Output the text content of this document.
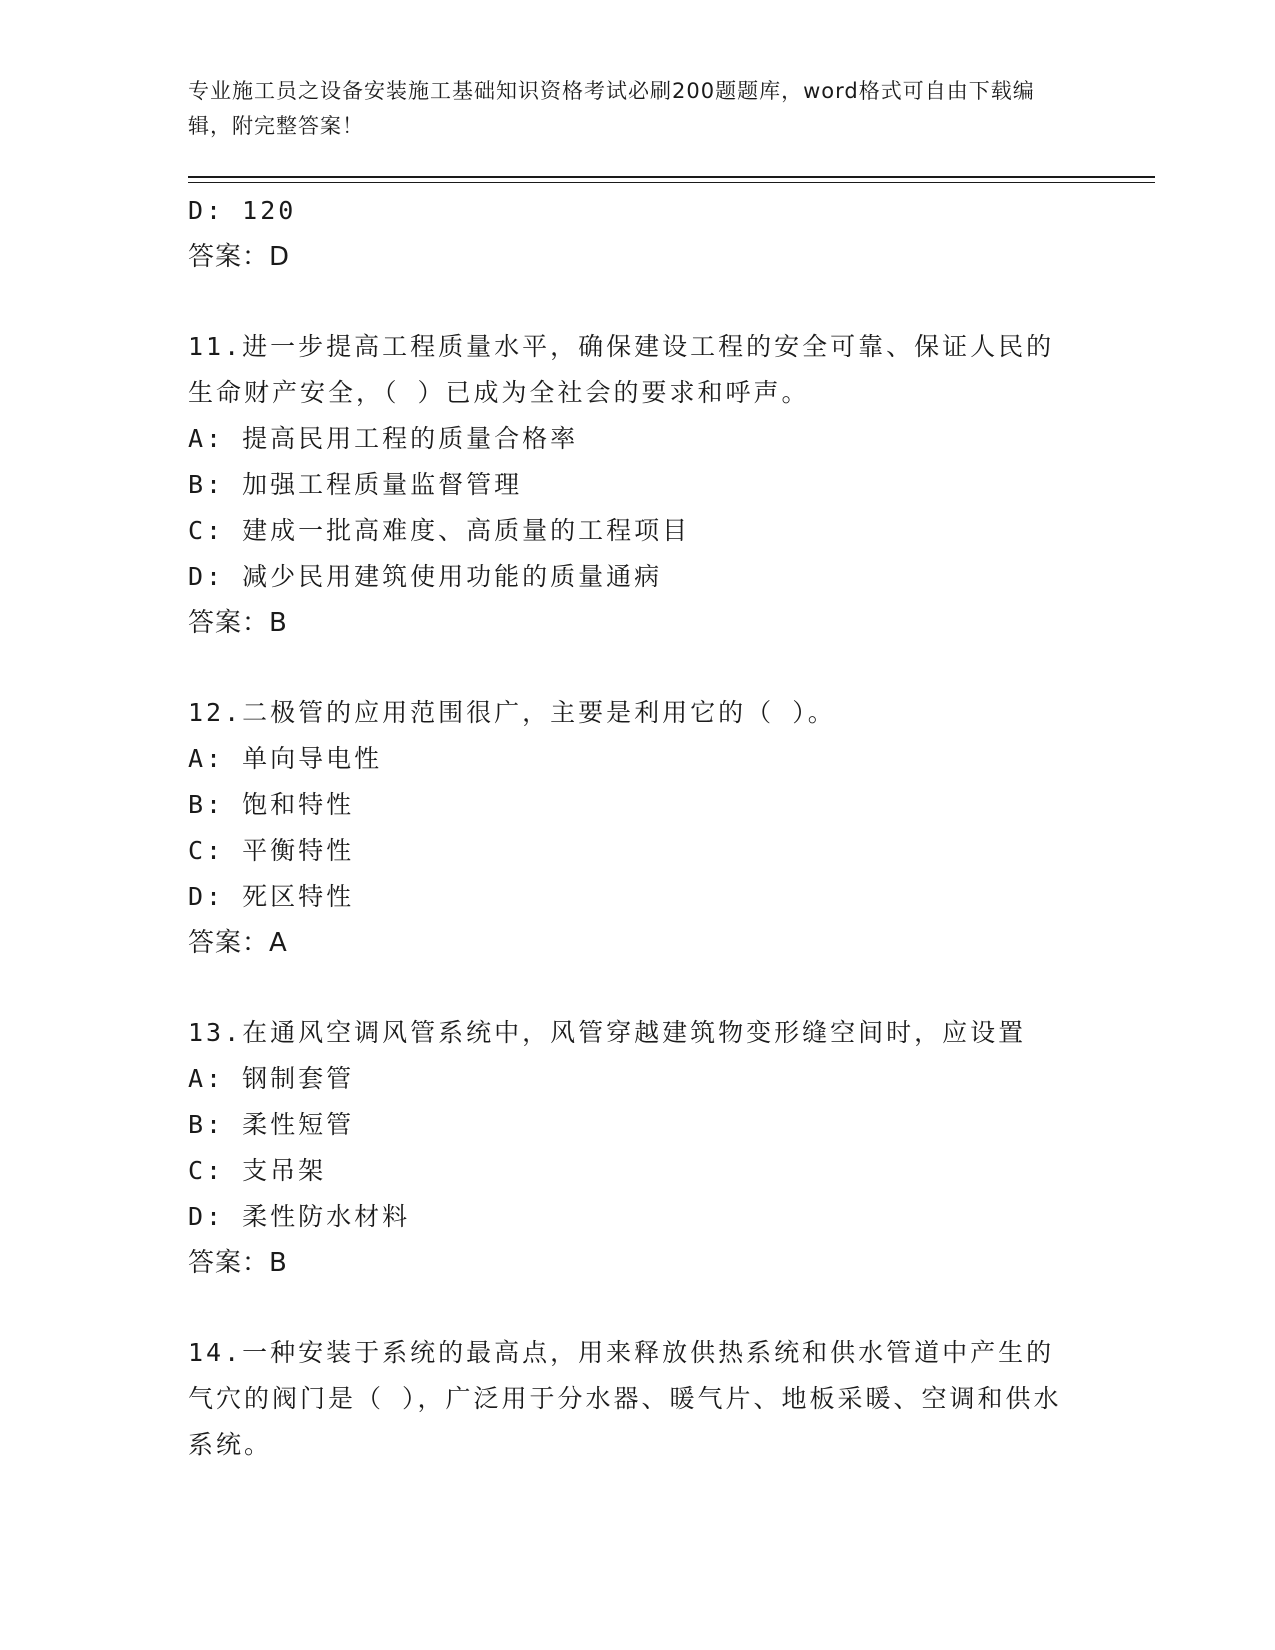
专业施工员之设备安装施工基础知识资格考试必刷200题题库，word格式可自由下载编辑，附完整答案！
D: 120
答案：D
11.进一步提高工程质量水平，确保建设工程的安全可靠、保证人民的生命财产安全，（ ）已成为全社会的要求和呼声。
A: 提高民用工程的质量合格率
B: 加强工程质量监督管理
C: 建成一批高难度、高质量的工程项目
D: 减少民用建筑使用功能的质量通病
答案：B
12.二极管的应用范围很广，主要是利用它的（ ）。
A: 单向导电性
B: 饱和特性
C: 平衡特性
D: 死区特性
答案：A
13.在通风空调风管系统中，风管穿越建筑物变形缝空间时，应设置
A: 钢制套管
B: 柔性短管
C: 支吊架
D: 柔性防水材料
答案：B
14.一种安装于系统的最高点，用来释放供热系统和供水管道中产生的气穴的阀门是（ ），广泛用于分水器、暖气片、地板采暖、空调和供水系统。
